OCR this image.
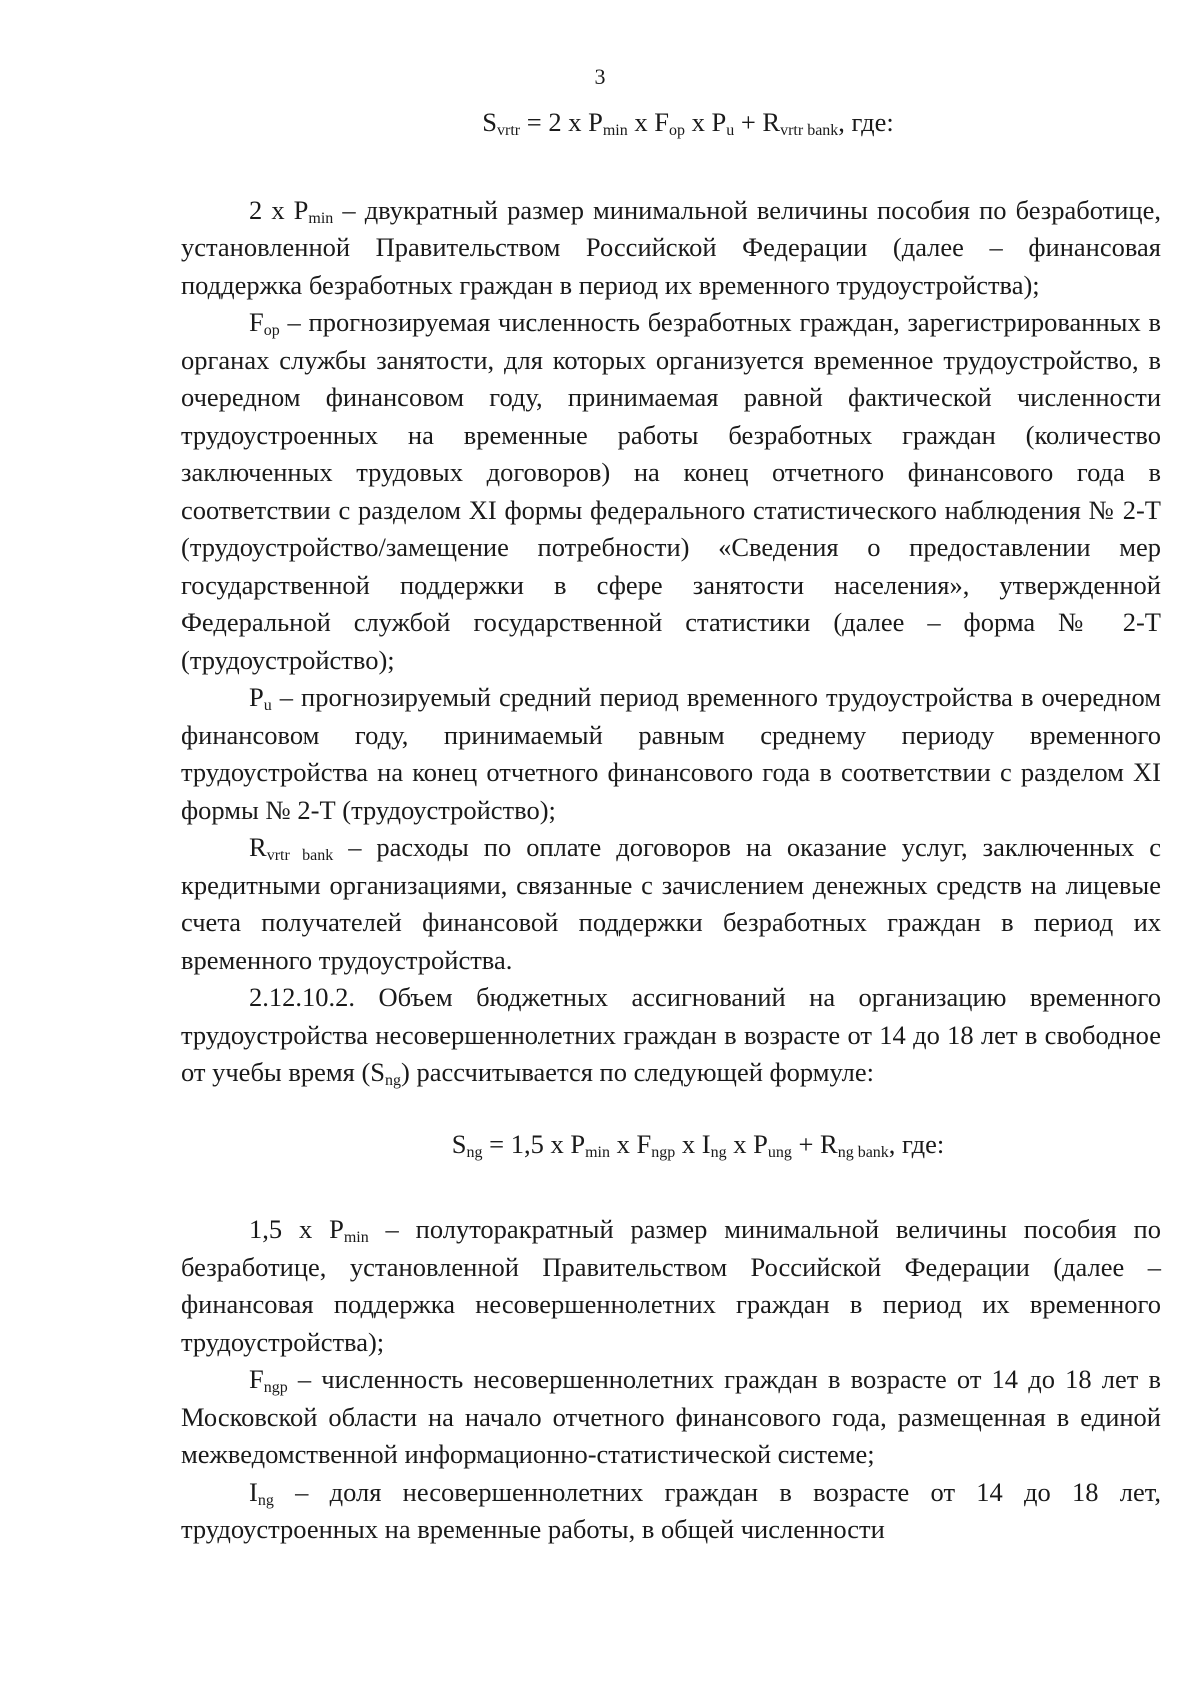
3

$S_{vrtr} = 2$ x $P_{min}$ x $F_{op}$ x $P_u + R_{vrtr bank}$, где:

2 x $P_{min}$ – двукратный размер минимальной величины пособия по безработице, установленной Правительством Российской Федерации (далее – финансовая поддержка безработных граждан в период их временного трудоустройства);

$F_{op}$ – прогнозируемая численность безработных граждан, зарегистрированных в органах службы занятости, для которых организуется временное трудоустройство, в очередном финансовом году, принимаемая равной фактической численности трудоустроенных на временные работы безработных граждан (количество заключенных трудовых договоров) на конец отчетного финансового года в соответствии с разделом XI формы федерального статистического наблюдения № 2-Т (трудоустройство/замещение потребности) «Сведения о предоставлении мер государственной поддержки в сфере занятости населения», утвержденной Федеральной службой государственной статистики (далее – форма № 2-Т (трудоустройство);

$P_u$ – прогнозируемый средний период временного трудоустройства в очередном финансовом году, принимаемый равным среднему периоду временного трудоустройства на конец отчетного финансового года в соответствии с разделом XI формы № 2-Т (трудоустройство);

$R_{vrtr bank}$ – расходы по оплате договоров на оказание услуг, заключенных с кредитными организациями, связанные с зачислением денежных средств на лицевые счета получателей финансовой поддержки безработных граждан в период их временного трудоустройства.

2.12.10.2. Объем бюджетных ассигнований на организацию временного трудоустройства несовершеннолетних граждан в возрасте от 14 до 18 лет в свободное от учебы время $(S_{ng})$ рассчитывается по следующей формуле:

$S_{ng} = 1,5$ x $P_{min}$ x $F_{ngp}$ x $I_{ng}$ x $P_{ung} + R_{ng bank}$, где:

1,5 x $P_{min}$ – полуторакратный размер минимальной величины пособия по безработице, установленной Правительством Российской Федерации (далее – финансовая поддержка несовершеннолетних граждан в период их временного трудоустройства);

$F_{ngp}$ – численность несовершеннолетних граждан в возрасте от 14 до 18 лет в Московской области на начало отчетного финансового года, размещенная в единой межведомственной информационно-статистической системе;

$I_{ng}$ – доля несовершеннолетних граждан в возрасте от 14 до 18 лет, трудоустроенных на временные работы, в общей численности
